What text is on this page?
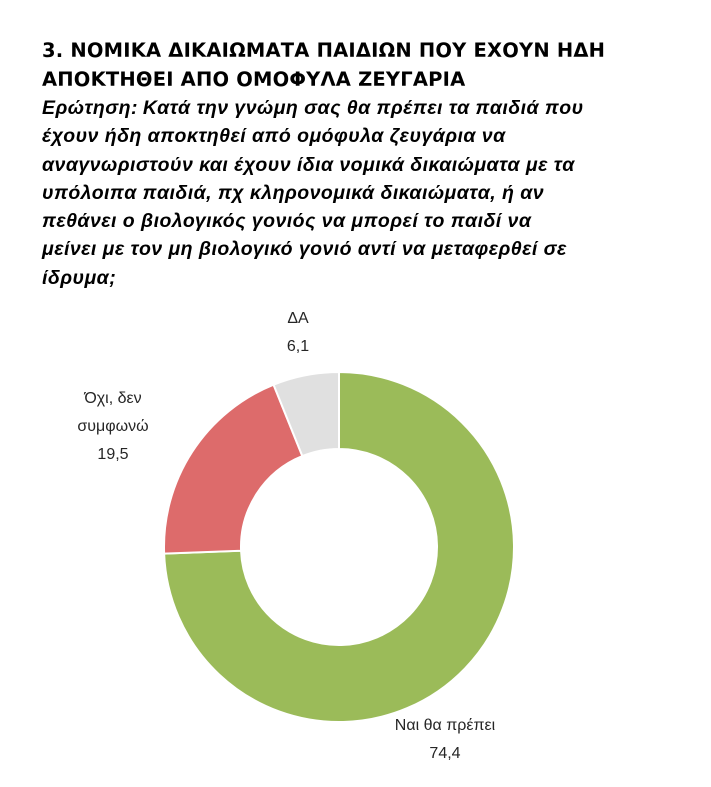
3. ΝΟΜΙΚΑ ΔΙΚΑΙΩΜΑΤΑ ΠΑΙΔΙΩΝ ΠΟΥ ΕΧΟΥΝ ΗΔΗ
ΑΠΟΚΤΗΘΕΙ ΑΠΟ ΟΜΟΦΥΛΑ ΖΕΥΓΑΡΙΑ

Ερώτηση: Κατά την γνώμη σας θα πρέπει τα παιδιά που
έχουν ήδη αποκτηθεί από ομόφυλα ζευγάρια να
αναγνωριστούν και έχουν ίδια νομικά δικαιώματα με τα
υπόλοιπα παιδιά, πχ κληρονομικά δικαιώματα, ή αν
πεθάνει ο βιολογικός γονιός να μπορεί το παιδί να
μείνει με τον μη βιολογικό γονιό αντί να μεταφερθεί σε
ίδρυμα;

Ναι θα πρέπει
74,4
Όχι, δεν
συμφωνώ
19,5
ΔΑ
6,1
